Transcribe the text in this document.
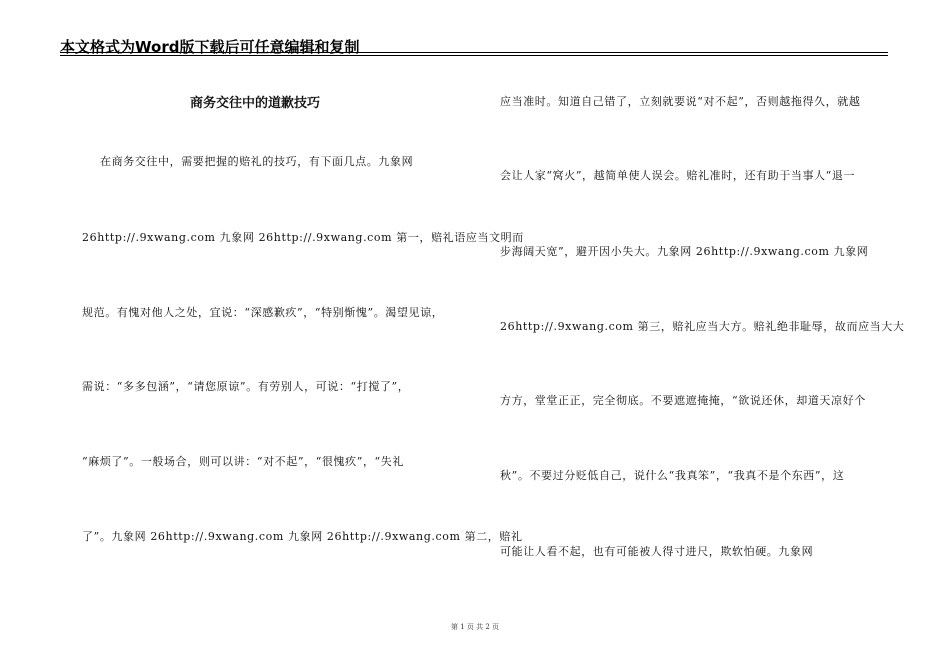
本文格式为Word版下载后可任意编辑和复制
商务交往中的道歉技巧
在商务交往中，需要把握的赔礼的技巧，有下面几点。九象网
26http://.9xwang.com 九象网 26http://.9xwang.com 第一，赔礼语应当文明而
规范。有愧对他人之处，宜说：“深感歉疚”，“特别惭愧”。渴望见谅，
需说：“多多包涵”，“请您原谅”。有劳别人，可说：“打搅了”，
“麻烦了”。一般场合，则可以讲：“对不起”，“很愧疚”，“失礼
了”。九象网 26http://.9xwang.com 九象网 26http://.9xwang.com 第二，赔礼
应当准时。知道自己错了，立刻就要说“对不起”，否则越拖得久，就越
会让人家“窝火”，越简单使人误会。赔礼准时，还有助于当事人“退一
步海阔天宽”，避开因小失大。九象网 26http://.9xwang.com 九象网
26http://.9xwang.com 第三，赔礼应当大方。赔礼绝非耻辱，故而应当大大
方方，堂堂正正，完全彻底。不要遮遮掩掩，“欲说还休，却道天凉好个
秋”。不要过分贬低自己，说什么“我真笨”，“我真不是个东西”，这
可能让人看不起，也有可能被人得寸进尺，欺软怕硬。九象网
第 1 页 共 2 页
